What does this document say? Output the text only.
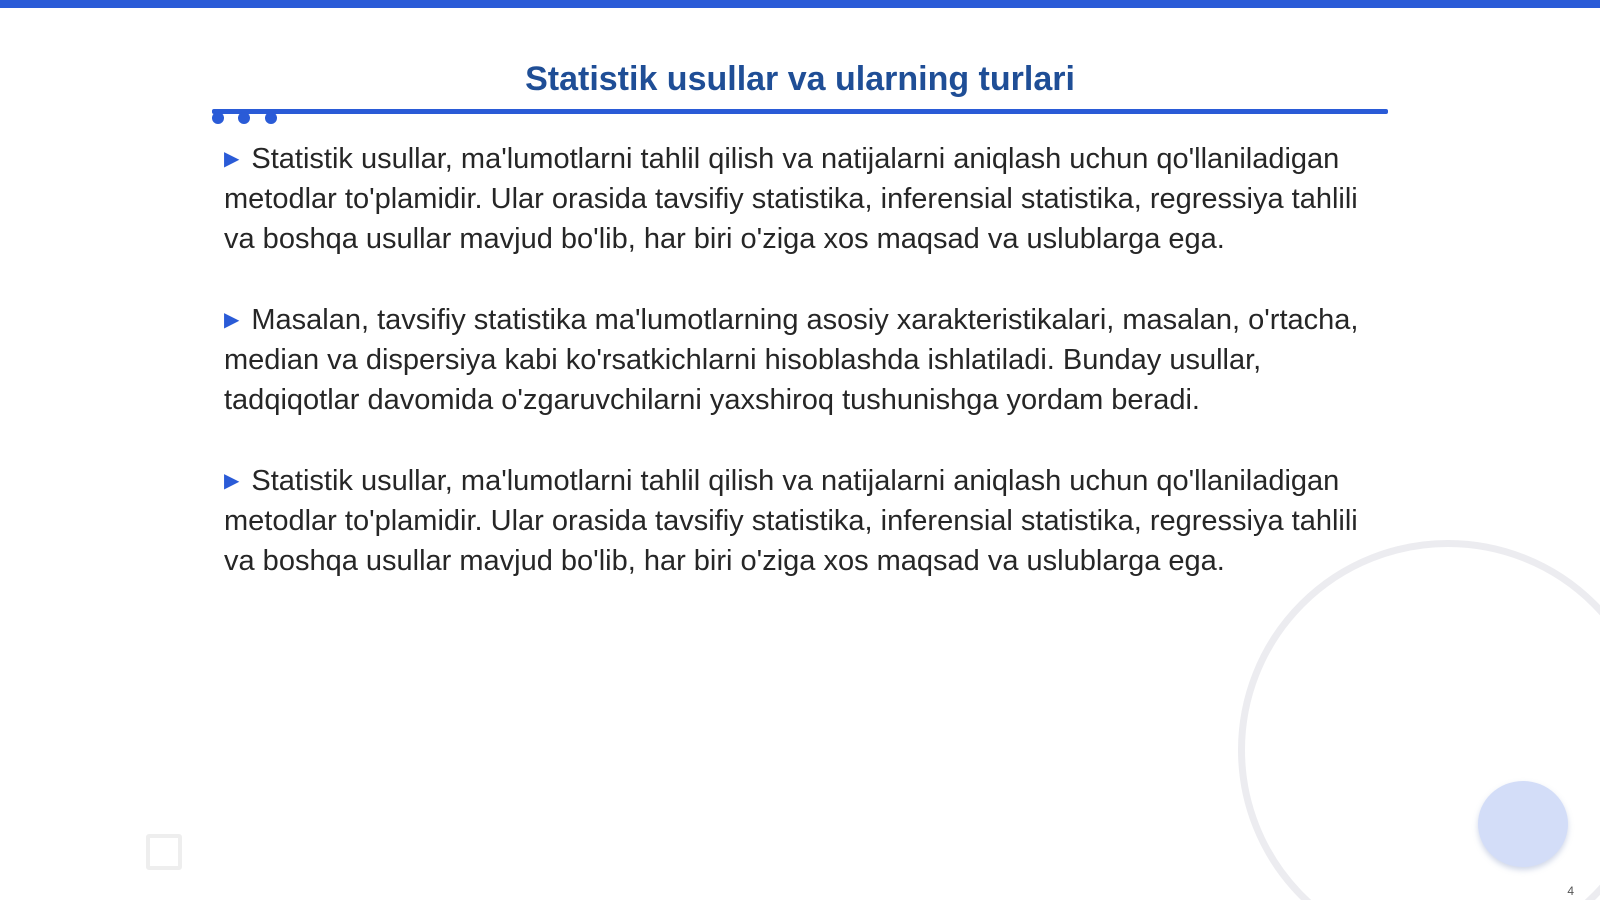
Statistik usullar va ularning turlari

▶ Statistik usullar, ma'lumotlarni tahlil qilish va natijalarni aniqlash uchun qo'llaniladigan metodlar to'plamidir. Ular orasida tavsifiy statistika, inferensial statistika, regressiya tahlili va boshqa usullar mavjud bo'lib, har biri o'ziga xos maqsad va uslublarga ega.

▶ Masalan, tavsifiy statistika ma'lumotlarning asosiy xarakteristikalari, masalan, o'rtacha, median va dispersiya kabi ko'rsatkichlarni hisoblashda ishlatiladi. Bunday usullar, tadqiqotlar davomida o'zgaruvchilarni yaxshiroq tushunishga yordam beradi.

▶ Statistik usullar, ma'lumotlarni tahlil qilish va natijalarni aniqlash uchun qo'llaniladigan metodlar to'plamidir. Ular orasida tavsifiy statistika, inferensial statistika, regressiya tahlili va boshqa usullar mavjud bo'lib, har biri o'ziga xos maqsad va uslublarga ega.

4
